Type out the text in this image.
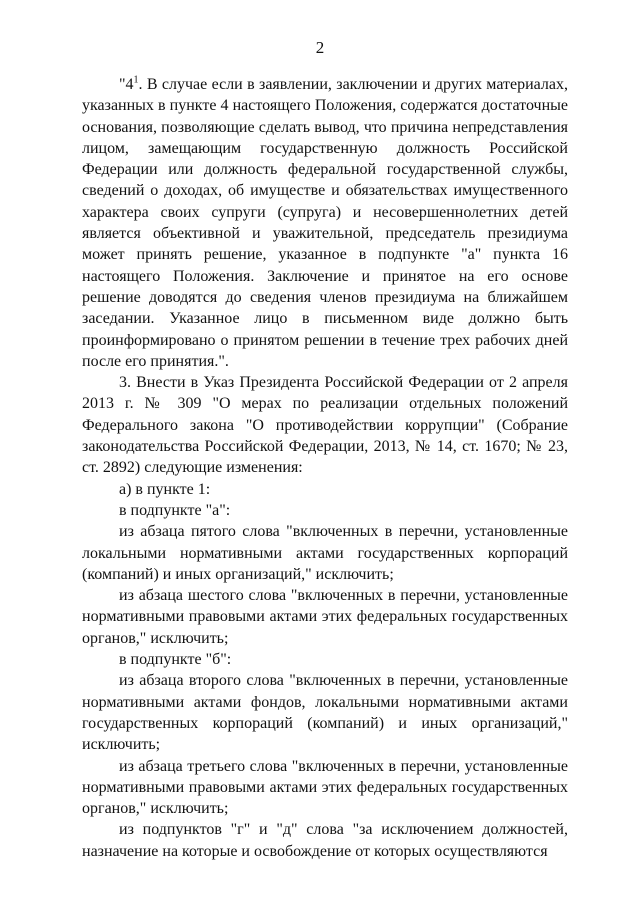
2

"$4^1$. В случае если в заявлении, заключении и других материалах, указанных в пункте 4 настоящего Положения, содержатся достаточные основания, позволяющие сделать вывод, что причина непредставления лицом, замещающим государственную должность Российской Федерации или должность федеральной государственной службы, сведений о доходах, об имуществе и обязательствах имущественного характера своих супруги (супруга) и несовершеннолетних детей является объективной и уважительной, председатель президиума может принять решение, указанное в подпункте "а" пункта 16 настоящего Положения. Заключение и принятое на его основе решение доводятся до сведения членов президиума на ближайшем заседании. Указанное лицо в письменном виде должно быть проинформировано о принятом решении в течение трех рабочих дней после его принятия.".

3. Внести в Указ Президента Российской Федерации от 2 апреля 2013 г. № 309 "О мерах по реализации отдельных положений Федерального закона "О противодействии коррупции" (Собрание законодательства Российской Федерации, 2013, № 14, ст. 1670; № 23, ст. 2892) следующие изменения:

а) в пункте 1:

в подпункте "а":

из абзаца пятого слова "включенных в перечни, установленные локальными нормативными актами государственных корпораций (компаний) и иных организаций," исключить;

из абзаца шестого слова "включенных в перечни, установленные нормативными правовыми актами этих федеральных государственных органов," исключить;

в подпункте "б":

из абзаца второго слова "включенных в перечни, установленные нормативными актами фондов, локальными нормативными актами государственных корпораций (компаний) и иных организаций," исключить;

из абзаца третьего слова "включенных в перечни, установленные нормативными правовыми актами этих федеральных государственных органов," исключить;

из подпунктов "г" и "д" слова "за исключением должностей, назначение на которые и освобождение от которых осуществляются
